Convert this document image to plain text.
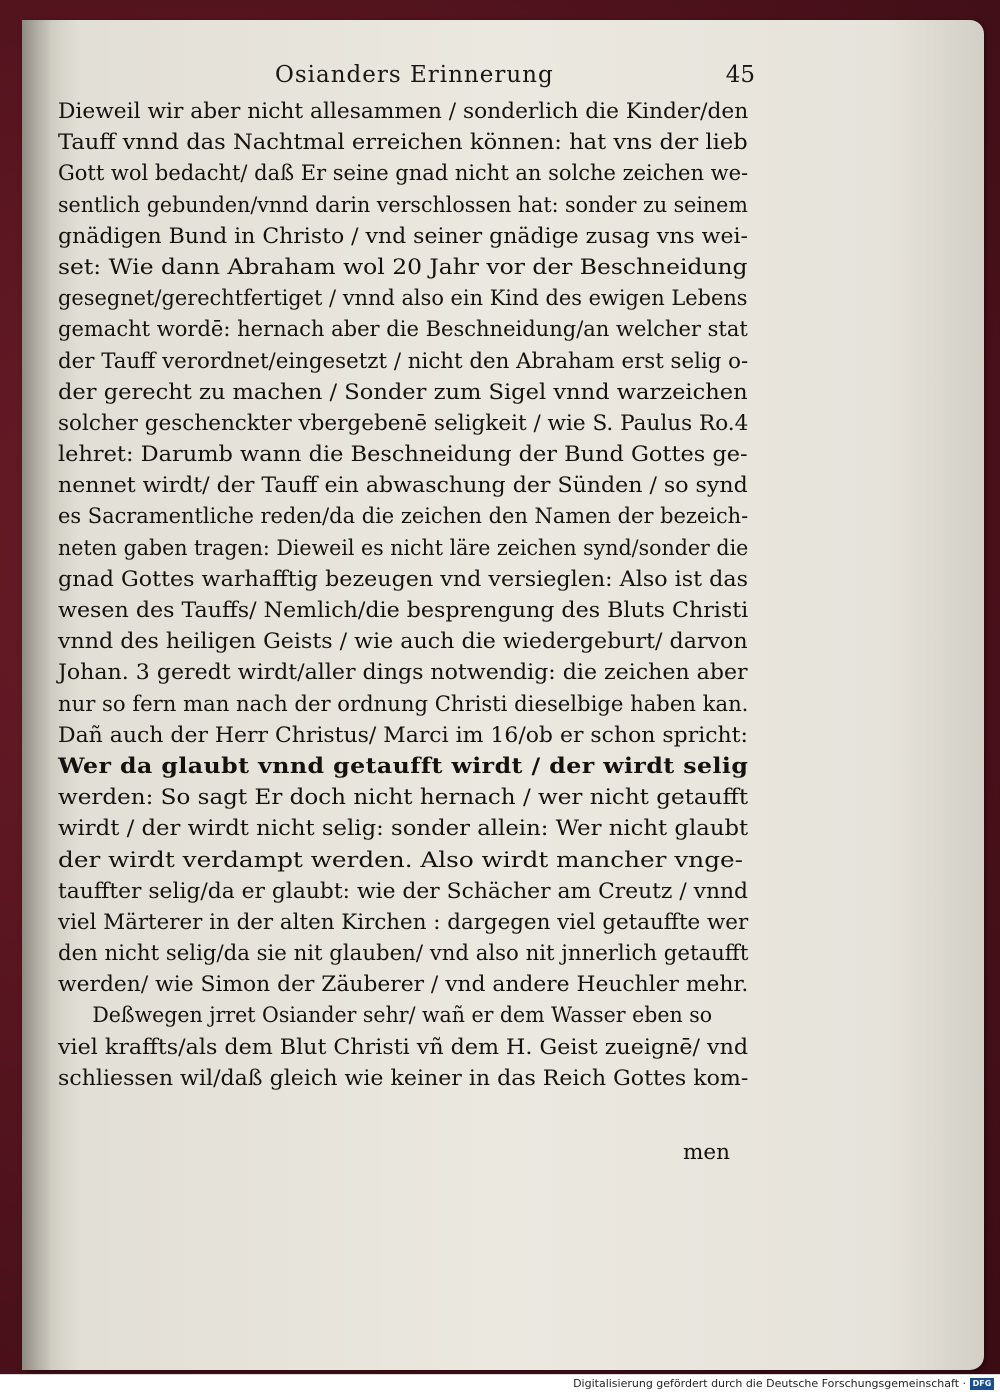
Osianders Erinnerung	45
Dieweil wir aber nicht allesammen / sonderlich die Kinder/den
Tauff vnnd das Nachtmal erreichen können: hat vns der lieb
Gott wol bedacht/ daß Er seine gnad nicht an solche zeichen we-
sentlich gebunden/vnnd darin verschlossen hat: sonder zu seinem
gnädigen Bund in Christo / vnd seiner gnädige zusag vns wei-
set: Wie dann Abraham wol 20 Jahr vor der Beschneidung
gesegnet/gerechtfertiget / vnnd also ein Kind des ewigen Lebens
gemacht wordē: hernach aber die Beschneidung/an welcher stat
der Tauff verordnet/eingesetzt / nicht den Abraham erst selig o-
der gerecht zu machen / Sonder zum Sigel vnnd warzeichen
solcher geschenckter vbergebenē seligkeit / wie S. Paulus Ro.4
lehret: Darumb wann die Beschneidung der Bund Gottes ge-
nennet wirdt/ der Tauff ein abwaschung der Sünden / so synd
es Sacramentliche reden/da die zeichen den Namen der bezeich-
neten gaben tragen: Dieweil es nicht läre zeichen synd/sonder die
gnad Gottes warhafftig bezeugen vnd versieglen: Also ist das
wesen des Tauffs/ Nemlich/die besprengung des Bluts Christi
vnnd des heiligen Geists / wie auch die wiedergeburt/ darvon
Johan. 3 geredt wirdt/aller dings notwendig: die zeichen aber
nur so fern man nach der ordnung Christi dieselbige haben kan.
Dañ auch der Herr Christus/ Marci im 16/ob er schon spricht:
Wer da glaubt vnnd getaufft wirdt / der wirdt selig
werden: So sagt Er doch nicht hernach / wer nicht getaufft
wirdt / der wirdt nicht selig: sonder allein: Wer nicht glaubt
der wirdt verdampt werden. Also wirdt mancher vnge-
tauffter selig/da er glaubt: wie der Schächer am Creutz / vnnd
viel Märterer in der alten Kirchen : dargegen viel getauffte wer
den nicht selig/da sie nit glauben/ vnd also nit jnnerlich getaufft
werden/ wie Simon der Zäuberer / vnd andere Heuchler mehr.
Deßwegen jrret Osiander sehr/ wañ er dem Wasser eben so
viel kraffts/als dem Blut Christi vñ dem H. Geist zueignē/ vnd
schliessen wil/daß gleich wie keiner in das Reich Gottes kom-
men
Digitalisierung gefördert durch die Deutsche Forschungsgemeinschaft · DFG
